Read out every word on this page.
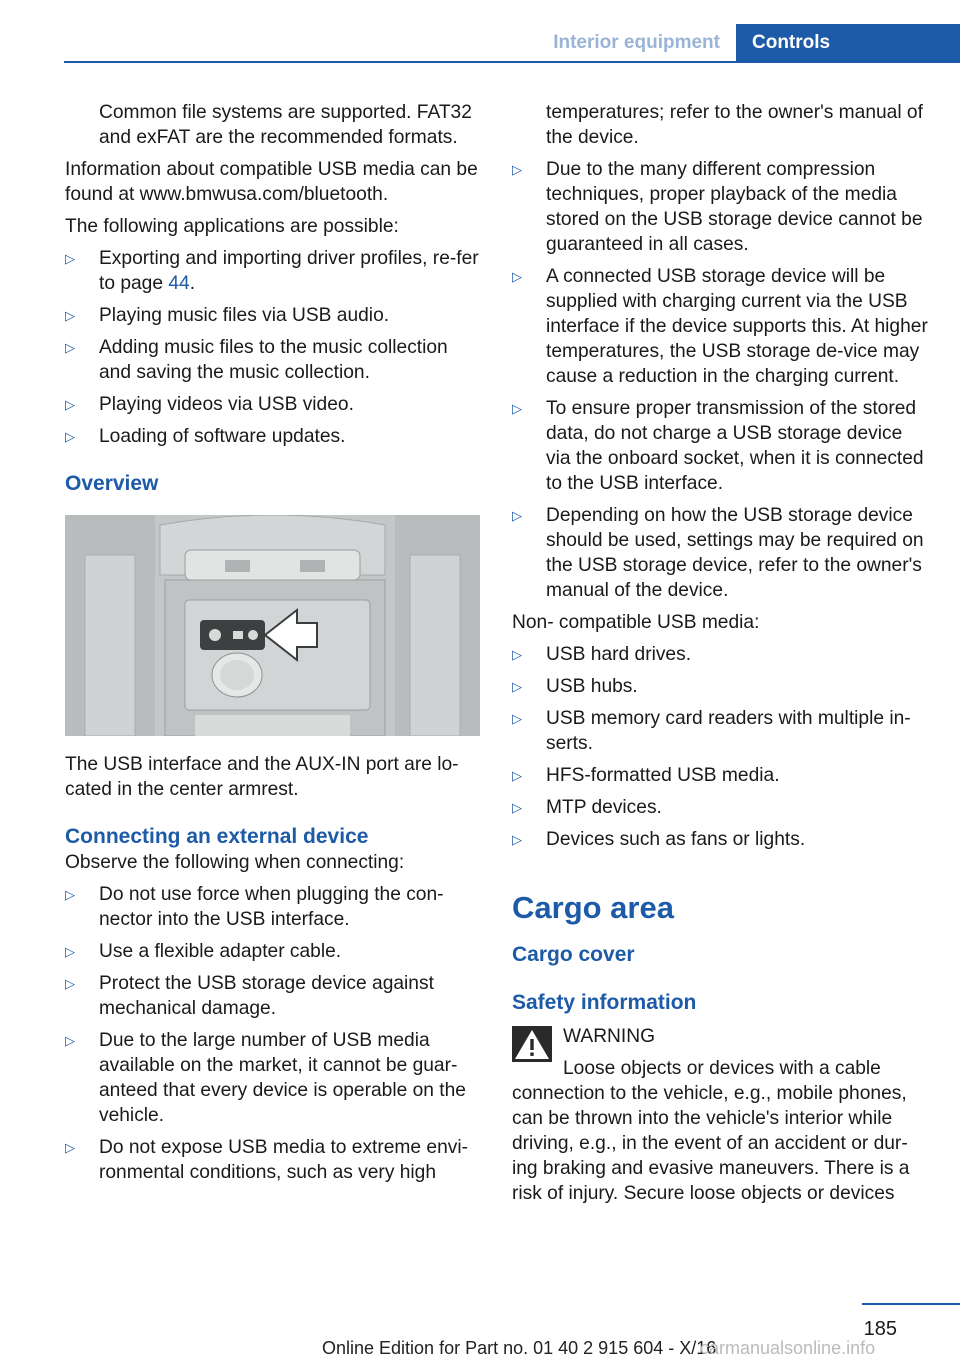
Interior equipment	Controls

Common file systems are supported. FAT32 and exFAT are the recommended formats.

Information about compatible USB media can be found at www.bmwusa.com/bluetooth.

The following applications are possible:

▷ Exporting and importing driver profiles, re‐fer to page 44.
▷ Playing music files via USB audio.
▷ Adding music files to the music collection and saving the music collection.
▷ Playing videos via USB video.
▷ Loading of software updates.
Overview

The USB interface and the AUX-IN port are lo‐cated in the center armrest.

Connecting an external device

Observe the following when connecting:

▷ Do not use force when plugging the con‐nector into the USB interface.
▷ Use a flexible adapter cable.
▷ Protect the USB storage device against mechanical damage.
▷ Due to the large number of USB media available on the market, it cannot be guar‐anteed that every device is operable on the vehicle.
▷ Do not expose USB media to extreme envi‐ronmental conditions, such as very high

temperatures; refer to the owner's manual of the device.

▷ Due to the many different compression techniques, proper playback of the media stored on the USB storage device cannot be guaranteed in all cases.
▷ A connected USB storage device will be supplied with charging current via the USB interface if the device supports this. At higher temperatures, the USB storage de‐vice may cause a reduction in the charging current.
▷ To ensure proper transmission of the stored data, do not charge a USB storage device via the onboard socket, when it is connected to the USB interface.
▷ Depending on how the USB storage device should be used, settings may be required on the USB storage device, refer to the owner's manual of the device.

Non- compatible USB media:

▷ USB hard drives.
▷ USB hubs.
▷ USB memory card readers with multiple in‐serts.
▷ HFS-formatted USB media.
▷ MTP devices.
▷ Devices such as fans or lights.
Cargo area
Cargo cover
Safety information

WARNING

Loose objects or devices with a cable connection to the vehicle, e.g., mobile phones, can be thrown into the vehicle's interior while driving, e.g., in the event of an accident or dur‐ing braking and evasive maneuvers. There is a risk of injury. Secure loose objects or devices

185
Online Edition for Part no. 01 40 2 915 604 - X/16
carmanualsonline.info
